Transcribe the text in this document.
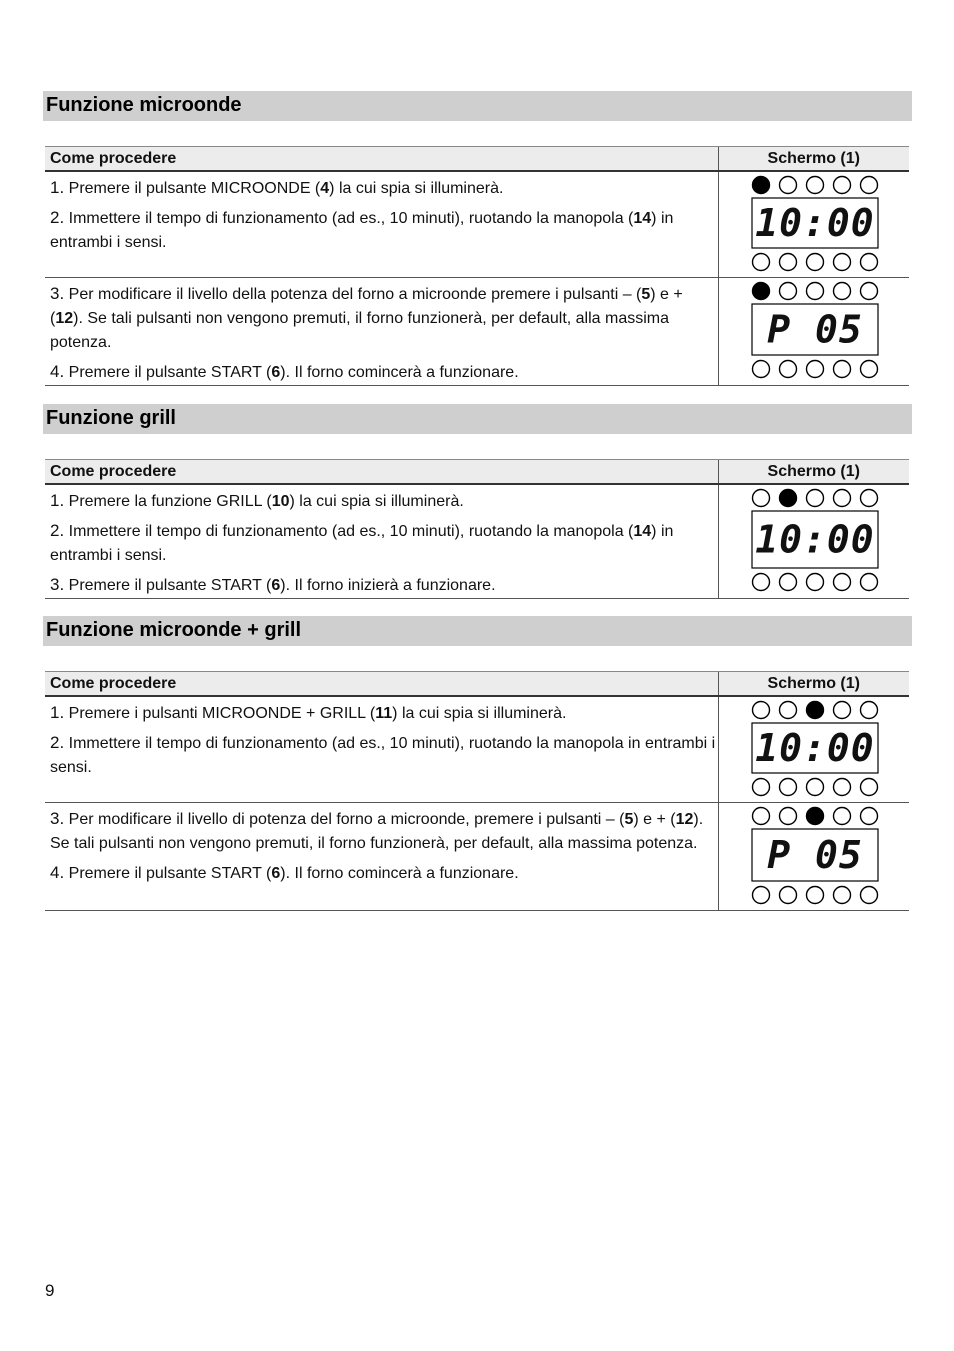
Funzione microonde
Come procedere	Schermo (1)

1. Premere il pulsante MICROONDE (4) la cui spia si illuminerà.

2. Immettere il tempo di funzionamento (ad es., 10 minuti), ruotando la manopola (14) in entrambi i sensi.	10:00

3. Per modificare il livello della potenza del forno a microonde premere i pulsanti – (5) e + (12). Se tali pulsanti non vengono premuti, il forno funzionerà, per default, alla massima potenza.

4. Premere il pulsante START (6). Il forno comincerà a funzionare.	P 05
Funzione grill
Come procedere	Schermo (1)

1. Premere la funzione GRILL (10) la cui spia si illuminerà.

2. Immettere il tempo di funzionamento (ad es., 10 minuti), ruotando la manopola (14) in entrambi i sensi.

3. Premere il pulsante START (6). Il forno inizierà a funzionare.	10:00
Funzione microonde + grill
Come procedere	Schermo (1)

1. Premere i pulsanti MICROONDE + GRILL (11) la cui spia si illuminerà.

2. Immettere il tempo di funzionamento (ad es., 10 minuti), ruotando la manopola in entrambi i sensi.	10:00

3. Per modificare il livello di potenza del forno a microonde, premere i pulsanti – (5) e + (12). Se tali pulsanti non vengono premuti, il forno funzionerà, per default, alla massima potenza.

4. Premere il pulsante START (6). Il forno comincerà a funzionare.	P 05
9
